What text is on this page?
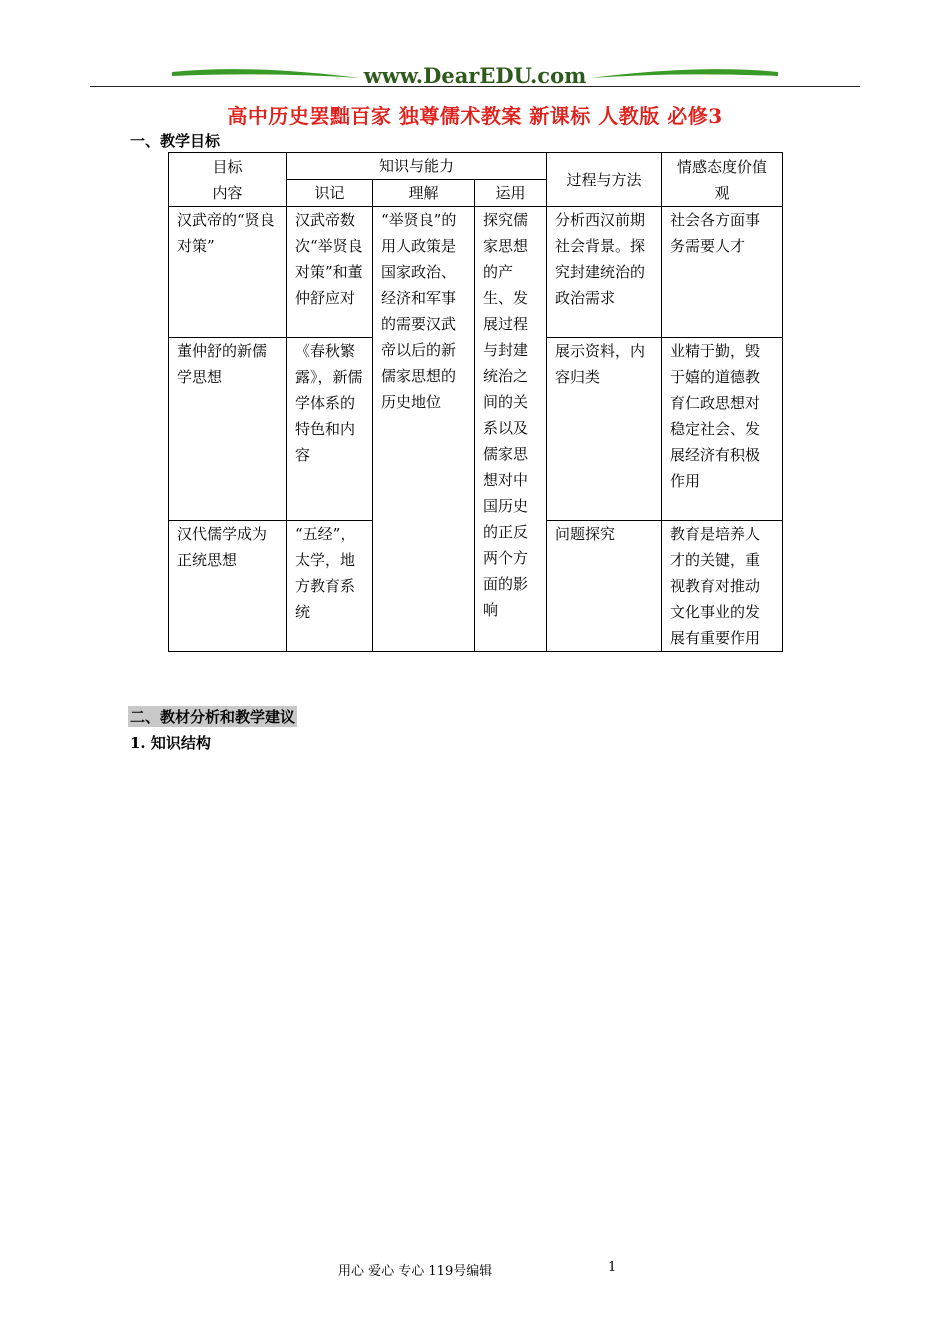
www.DearEDU.com
高中历史罢黜百家 独尊儒术教案 新课标 人教版 必修3
一、教学目标
目标
内容	知识与能力			过程与方法	情感态度价值观
	识记	理解	运用		
汉武帝的“贤良对策”	汉武帝数次“举贤良对策”和董仲舒应对	“举贤良”的用人政策是国家政治、经济和军事的需要汉武帝以后的新儒家思想的历史地位	探究儒家思想的产生、发展过程与封建统治之间的关系以及儒家思想对中国历史的正反两个方面的影响	分析西汉前期社会背景。探究封建统治的政治需求	社会各方面事务需要人才
董仲舒的新儒学思想	《春秋繁露》，新儒学体系的特色和内容			展示资料，内容归类	业精于勤，毁于嬉的道德教育仁政思想对稳定社会、发展经济有积极作用
汉代儒学成为正统思想	“五经”，太学，地方教育系统			问题探究	教育是培养人才的关键，重视教育对推动文化事业的发展有重要作用
二、教材分析和教学建议
1. 知识结构
用心 爱心 专心 119号编辑	1
